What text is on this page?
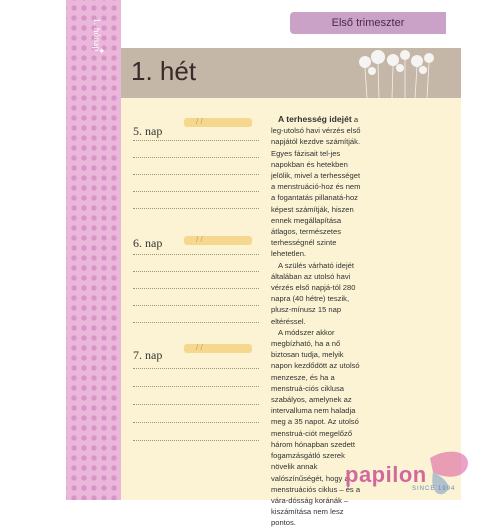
1. hónap
✦
Első trimeszter
1. hét
5. nap
/ /
6. nap	/ /
7. nap
/ /

A terhesség idejét a leg-utolsó havi vérzés első napjától kezdve számítják. Egyes fázisait tel-jes napokban és hetekben jelölik, mivel a terhességet a menstruáció-hoz és nem a fogantatás pillanatá-hoz képest számítják, hiszen ennek megállapítása átlagos, természetes terhességnél szinte lehetetlen.

A szülés várható idejét általában az utolsó havi vérzés első napjá-tól 280 napra (40 hétre) teszik, plusz-mínusz 15 nap eltéréssel.

A módszer akkor megbízható, ha a nő biztosan tudja, melyik napon kezdődött az utolsó menzesze, és ha a menstruá-ciós ciklusa szabályos, amelynek az intervalluma nem haladja meg a 35 napot. Az utolsó menstruá-ciót megelőző három hónapban szedett fogamzásgátló szerek növelik annak valószínűségét, hogy a menstruációs ciklus – és a vára-dósság koránák – kiszámítása nem lesz pontos.

papilon
SINCE 1994
